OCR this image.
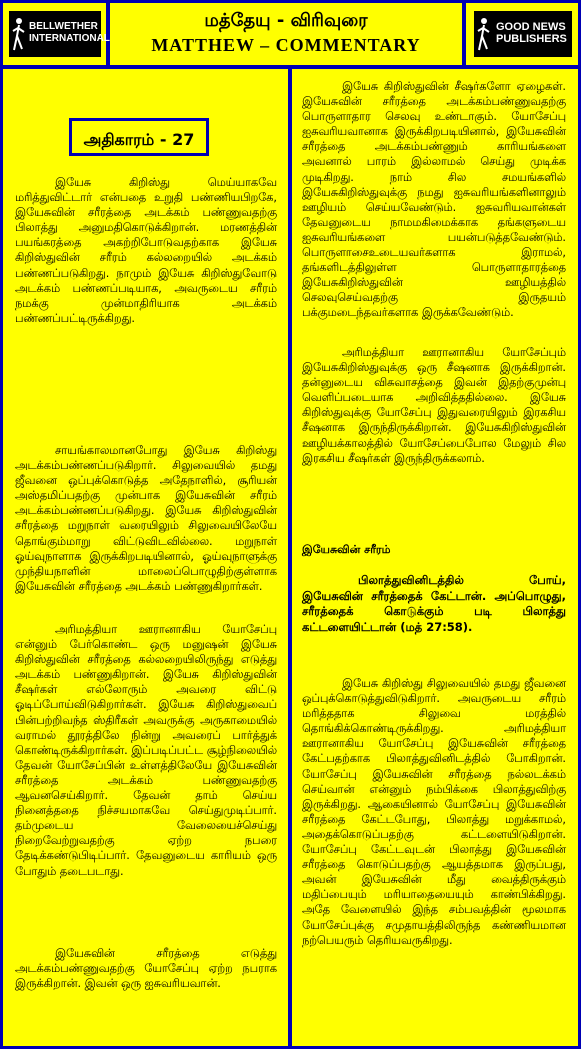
BELLWETHER
INTERNATIONAL
மத்தேயு - விரிவுரை
MATTHEW – COMMENTARY
GOOD NEWS
PUBLISHERS
அதிகாரம் - 27

இயேசு கிறிஸ்து மெய்யாகவே மரித்துவிட்டார் என்பதை உறுதி பண்ணியபிறகே, இயேசுவின் சரீரத்தை அடக்கம் பண்ணுவதற்கு பிலாத்து அனுமதிகொடுக்கிறான். மரணத்தின் பயங்கரத்தை அகற்றிபோடுவதற்காக இயேசு கிறிஸ்துவின் சரீரம் கல்லறையில் அடக்கம் பண்ணப்படுகிறது. நாமும் இயேசு கிறிஸ்துவோடு அடக்கம் பண்ணப்படியாக, அவருடைய சரீரம் நமக்கு முன்மாதிரியாக அடக்கம் பண்ணப்பட்டிருக்கிறது.

சாயங்காலமானபோது இயேசு கிறிஸ்து அடக்கம்பண்ணப்படுகிறார். சிலுவையில் தமது ஜீவனை ஒப்புக்கொடுத்த அதேநாளில், சூரியன் அஸ்தமிப்பதற்கு முன்பாக இயேசுவின் சரீரம் அடக்கம்பண்ணப்படுகிறது. இயேசு கிறிஸ்துவின் சரீரத்தை மறுநாள் வரையிலும் சிலுவையிலேயே தொங்கும்மாறு விட்டுவிடவில்லை. மறுநாள் ஓய்வுநாளாக இருக்கிறபடியினால், ஓய்வுநாளுக்கு முந்தியநாளின் மாலைப்பொழுதிற்குள்ளாக இயேசுவின் சரீரத்தை அடக்கம் பண்ணுகிறார்கள்.

அரிமத்தியா ஊரானாகிய யோசேப்பு என்னும் பேர்கொண்ட ஒரு மனுஷன் இயேசு கிறிஸ்துவின் சரீரத்தை கல்லறையிலிருந்து எடுத்து அடக்கம் பண்ணுகிறான். இயேசு கிறிஸ்துவின் சீஷர்கள் எல்லோரும் அவரை விட்டு ஓடிப்போய்விடுகிறார்கள். இயேசு கிறிஸ்துவைப் பின்பற்றிவந்த ஸ்திரீகள் அவருக்கு அருகாமையில் வராமல் தூரத்திலே நின்று அவரைப் பார்த்துக் கொண்டிருக்கிறார்கள். இப்படிப்பட்ட சூழ்நிலையில் தேவன் யோசேப்பின் உள்ளத்திலேயே இயேசுவின் சரீரத்தை அடக்கம் பண்ணுவதற்கு ஆவனசெய்கிறார். தேவன் தாம் செய்ய நினைத்ததை நிச்சயமாகவே செய்துமுடிப்பார். தம்முடைய வேலையைச்செய்து நிறைவேற்றுவதற்கு ஏற்ற நபரை தேடிக்கண்டுபிடிப்பார். தேவனுடைய காரியம் ஒரு போதும் தடைபடாது.

இயேசுவின் சரீரத்தை எடுத்து அடக்கம்பண்ணுவதற்கு யோசேப்பு ஏற்ற நபராக இருக்கிறான். இவன் ஒரு ஐசுவரியவான்.

இயேசு கிறிஸ்துவின் சீஷர்களோ ஏழைகள். இயேசுவின் சரீரத்தை அடக்கம்பண்ணுவதற்கு பொருளாதார செலவு உண்டாகும். யோசேப்பு ஐசுவரியவானாக இருக்கிறபடியினால், இயேசுவின் சரீரத்தை அடக்கம்பண்ணும் காரியங்களை அவனால் பாரம் இல்லாமல் செய்து முடிக்க முடிகிறது. நாம் சில சமயங்களில் இயேசுகிறிஸ்துவுக்கு நமது ஐசுவரியங்களினாலும் ஊழியம் செய்யவேண்டும். ஐசுவரியவான்கள் தேவனுடைய நாமமகிமைக்காக தங்களுடைய ஐசுவரியங்களை பயன்படுத்தவேண்டும். பொருளாசைஉடையவர்களாக இராமல், தங்களிடத்திலுள்ள பொருளாதாரத்தை இயேசுகிறிஸ்துவின் ஊழியத்தில் செலவுசெய்வதற்கு இருதயம் பக்குமடைந்தவர்களாக இருக்கவேண்டும்.

அரிமத்தியா ஊரானாகிய யோசேப்பும் இயேசுகிறிஸ்துவுக்கு ஒரு சீஷனாக இருக்கிறான். தன்னுடைய விசுவாசத்தை இவன் இதற்குமுன்பு வெளிப்படையாக அறிவித்ததில்லை. இயேசு கிறிஸ்துவுக்கு யோசேப்பு இதுவரையிலும் இரகசிய சீஷனாக இருந்திருக்கிறான். இயேசுகிறிஸ்துவின் ஊழியக்காலத்தில் யோசேப்பைபோல மேலும் சில இரகசிய சீஷர்கள் இருந்திருக்கலாம்.

இயேசுவின் சரீரம்
பிலாத்துவினிடத்தில் போய், இயேசுவின் சரீரத்தைக் கேட்டான். அப்பொழுது, சரீரத்தைக் கொடுக்கும் படி பிலாத்து கட்டளையிட்டான் (மத் 27:58).

இயேசு கிறிஸ்து சிலுவையில் தமது ஜீவனை ஒப்புக்கொடுத்துவிடுகிறார். அவருடைய சரீரம் மரித்ததாக சிலுவை மரத்தில் தொங்கிக்கொண்டிருக்கிறது. அரிமத்தியா ஊரானாகிய யோசேப்பு இயேசுவின் சரீரத்தை கேட்பதற்காக பிலாத்துவினிடத்தில் போகிறான். யோசேப்பு இயேசுவின் சரீரத்தை நல்லடக்கம் செய்வான் என்னும் நம்பிக்கை பிலாத்துவிற்கு இருக்கிறது. ஆகையினால் யோசேப்பு இயேசுவின் சரீரத்தை கேட்டபோது, பிலாத்து மறுக்காமல், அதைக்கொடுப்பதற்கு கட்டளையிடுகிறான். யோசேப்பு கேட்டவுடன் பிலாத்து இயேசுவின் சரீரத்தை கொடுப்பதற்கு ஆயத்தமாக இருப்பது, அவன் இயேசுவின் மீது வைத்திருக்கும் மதிப்பையும் மரியாதையையும் காண்பிக்கிறது. அதே வேளையில் இந்த சம்பவத்தின் மூலமாக யோசேப்புக்கு சமுதாயத்திலிருந்த கண்ணியமான நற்பெயரும் தெரியவருகிறது.
